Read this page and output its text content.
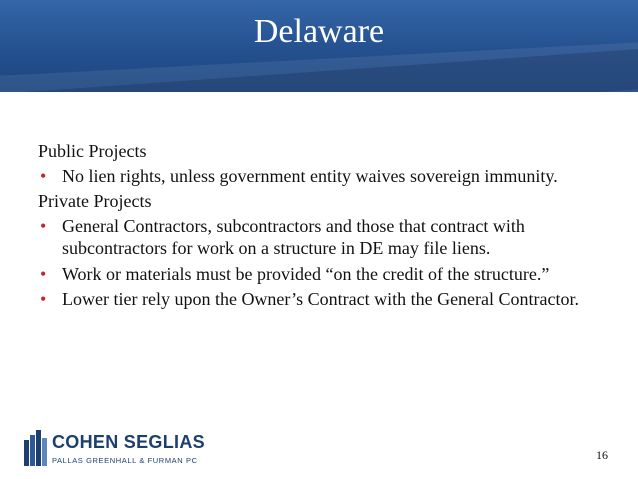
Delaware
Public Projects
• No lien rights, unless government entity waives sovereign immunity.
Private Projects
• General Contractors, subcontractors and those that contract with subcontractors for work on a structure in DE may file liens.
• Work or materials must be provided “on the credit of the structure.”
• Lower tier rely upon the Owner’s Contract with the General Contractor.
COHEN SEGLIAS
PALLAS GREENHALL & FURMAN PC	16
